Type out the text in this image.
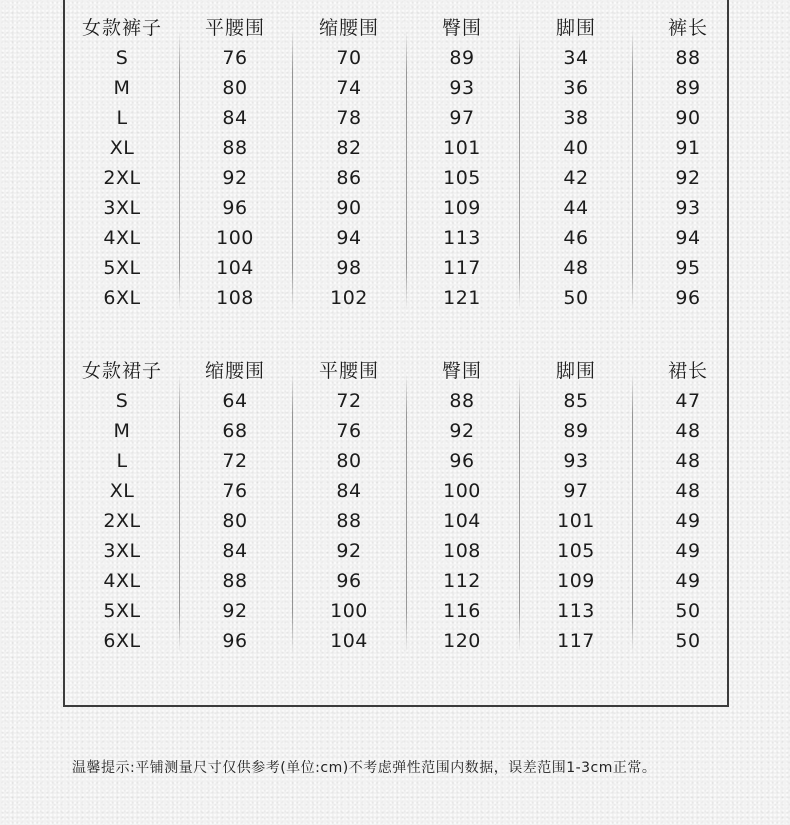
女款裤子	平腰围	缩腰围	臀围	脚围	裤长
S	76	70	89	34	88
M	80	74	93	36	89
L	84	78	97	38	90
XL	88	82	101	40	91
2XL	92	86	105	42	92
3XL	96	90	109	44	93
4XL	100	94	113	46	94
5XL	104	98	117	48	95
6XL	108	102	121	50	96
女款裙子	缩腰围	平腰围	臀围	脚围	裙长
S	64	72	88	85	47
M	68	76	92	89	48
L	72	80	96	93	48
XL	76	84	100	97	48
2XL	80	88	104	101	49
3XL	84	92	108	105	49
4XL	88	96	112	109	49
5XL	92	100	116	113	50
6XL	96	104	120	117	50
温馨提示:平铺测量尺寸仅供参考(单位:cm)不考虑弹性范围内数据，误差范围1-3cm正常。
